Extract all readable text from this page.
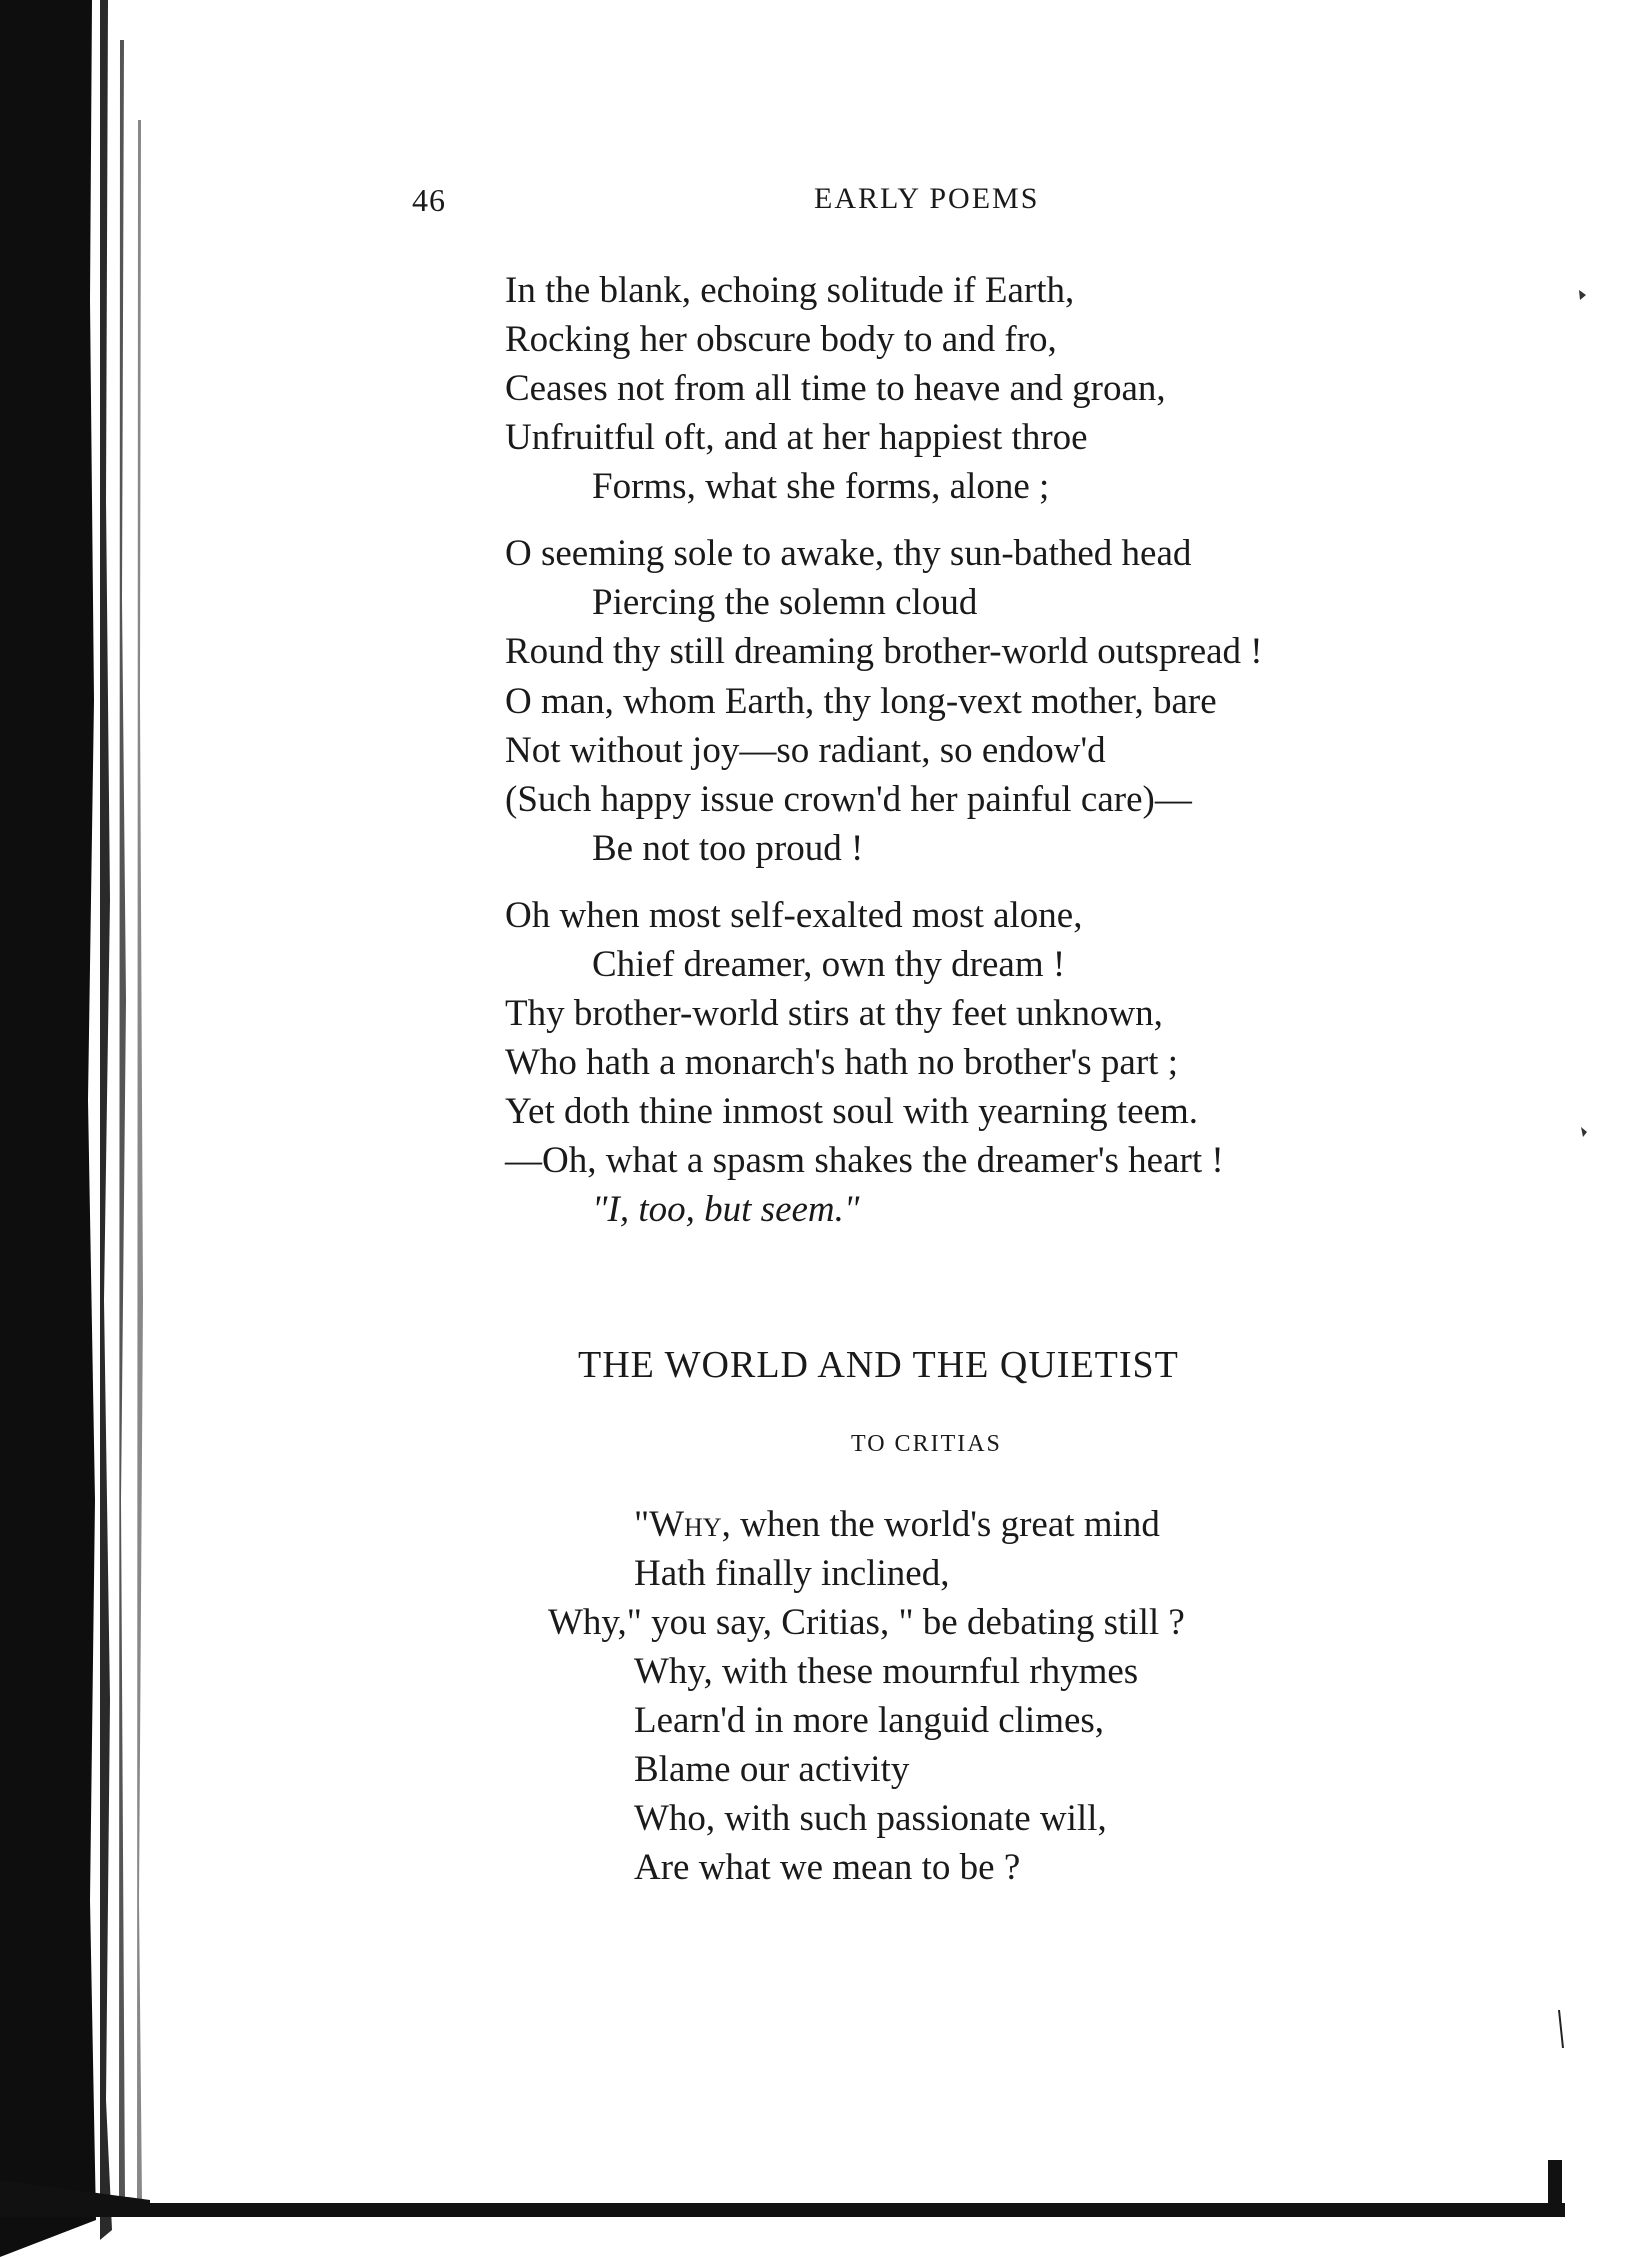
46	EARLY POEMS
In the blank, echoing solitude if Earth,
Rocking her obscure body to and fro,
Ceases not from all time to heave and groan,
Unfruitful oft, and at her happiest throe
Forms, what she forms, alone ;
O seeming sole to awake, thy sun-bathed head
Piercing the solemn cloud
Round thy still dreaming brother-world outspread !
O man, whom Earth, thy long-vext mother, bare
Not without joy—so radiant, so endow'd
(Such happy issue crown'd her painful care)—
Be not too proud !
Oh when most self-exalted most alone,
Chief dreamer, own thy dream !
Thy brother-world stirs at thy feet unknown,
Who hath a monarch's hath no brother's part ;
Yet doth thine inmost soul with yearning teem.
—Oh, what a spasm shakes the dreamer's heart !
"I, too, but seem."
THE WORLD AND THE QUIETIST
TO CRITIAS
"Why, when the world's great mind
Hath finally inclined,
Why," you say, Critias, " be debating still ?
Why, with these mournful rhymes
Learn'd in more languid climes,
Blame our activity
Who, with such passionate will,
Are what we mean to be ?
